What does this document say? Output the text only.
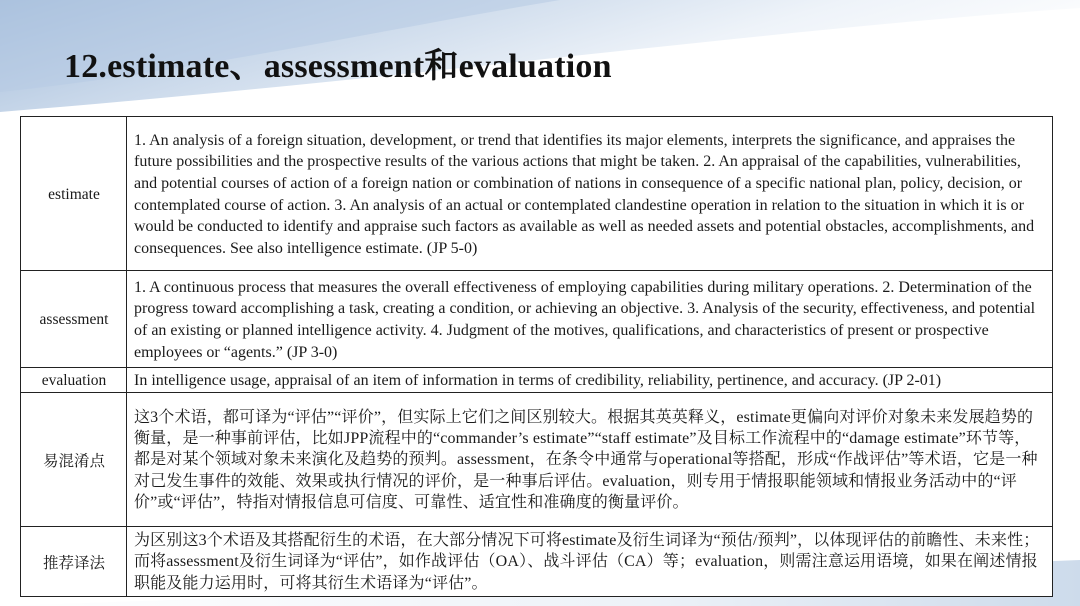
12.estimate、assessment和evaluation
estimate	1. An analysis of a foreign situation, development, or trend that identifies its major elements, interprets the significance, and appraises the future possibilities and the prospective results of the various actions that might be taken. 2. An appraisal of the capabilities, vulnerabilities, and potential courses of action of a foreign nation or combination of nations in consequence of a specific national plan, policy, decision, or contemplated course of action. 3. An analysis of an actual or contemplated clandestine operation in relation to the situation in which it is or would be conducted to identify and appraise such factors as available as well as needed assets and potential obstacles, accomplishments, and consequences. See also intelligence estimate. (JP 5-0)
assessment	1. A continuous process that measures the overall effectiveness of employing capabilities during military operations. 2. Determination of the progress toward accomplishing a task, creating a condition, or achieving an objective. 3. Analysis of the security, effectiveness, and potential of an existing or planned intelligence activity. 4. Judgment of the motives, qualifications, and characteristics of present or prospective employees or “agents.” (JP 3-0)
evaluation	In intelligence usage, appraisal of an item of information in terms of credibility, reliability, pertinence, and accuracy. (JP 2-01)
易混淆点	这3个术语，都可译为“评估”“评价”，但实际上它们之间区别较大。根据其英英释义，estimate更偏向对评价对象未来发展趋势的衡量，是一种事前评估，比如JPP流程中的“commander’s estimate”“staff estimate”及目标工作流程中的“damage estimate”环节等，都是对某个领域对象未来演化及趋势的预判。assessment，在条令中通常与operational等搭配，形成“作战评估”等术语，它是一种对己发生事件的效能、效果或执行情况的评价，是一种事后评估。evaluation，则专用于情报职能领域和情报业务活动中的“评价”或“评估”，特指对情报信息可信度、可靠性、适宜性和准确度的衡量评价。
推荐译法	为区别这3个术语及其搭配衍生的术语，在大部分情况下可将estimate及衍生词译为“预估/预判”，以体现评估的前瞻性、未来性；而将assessment及衍生词译为“评估”，如作战评估（OA）、战斗评估（CA）等；evaluation，则需注意运用语境，如果在阐述情报职能及能力运用时，可将其衍生术语译为“评估”。
